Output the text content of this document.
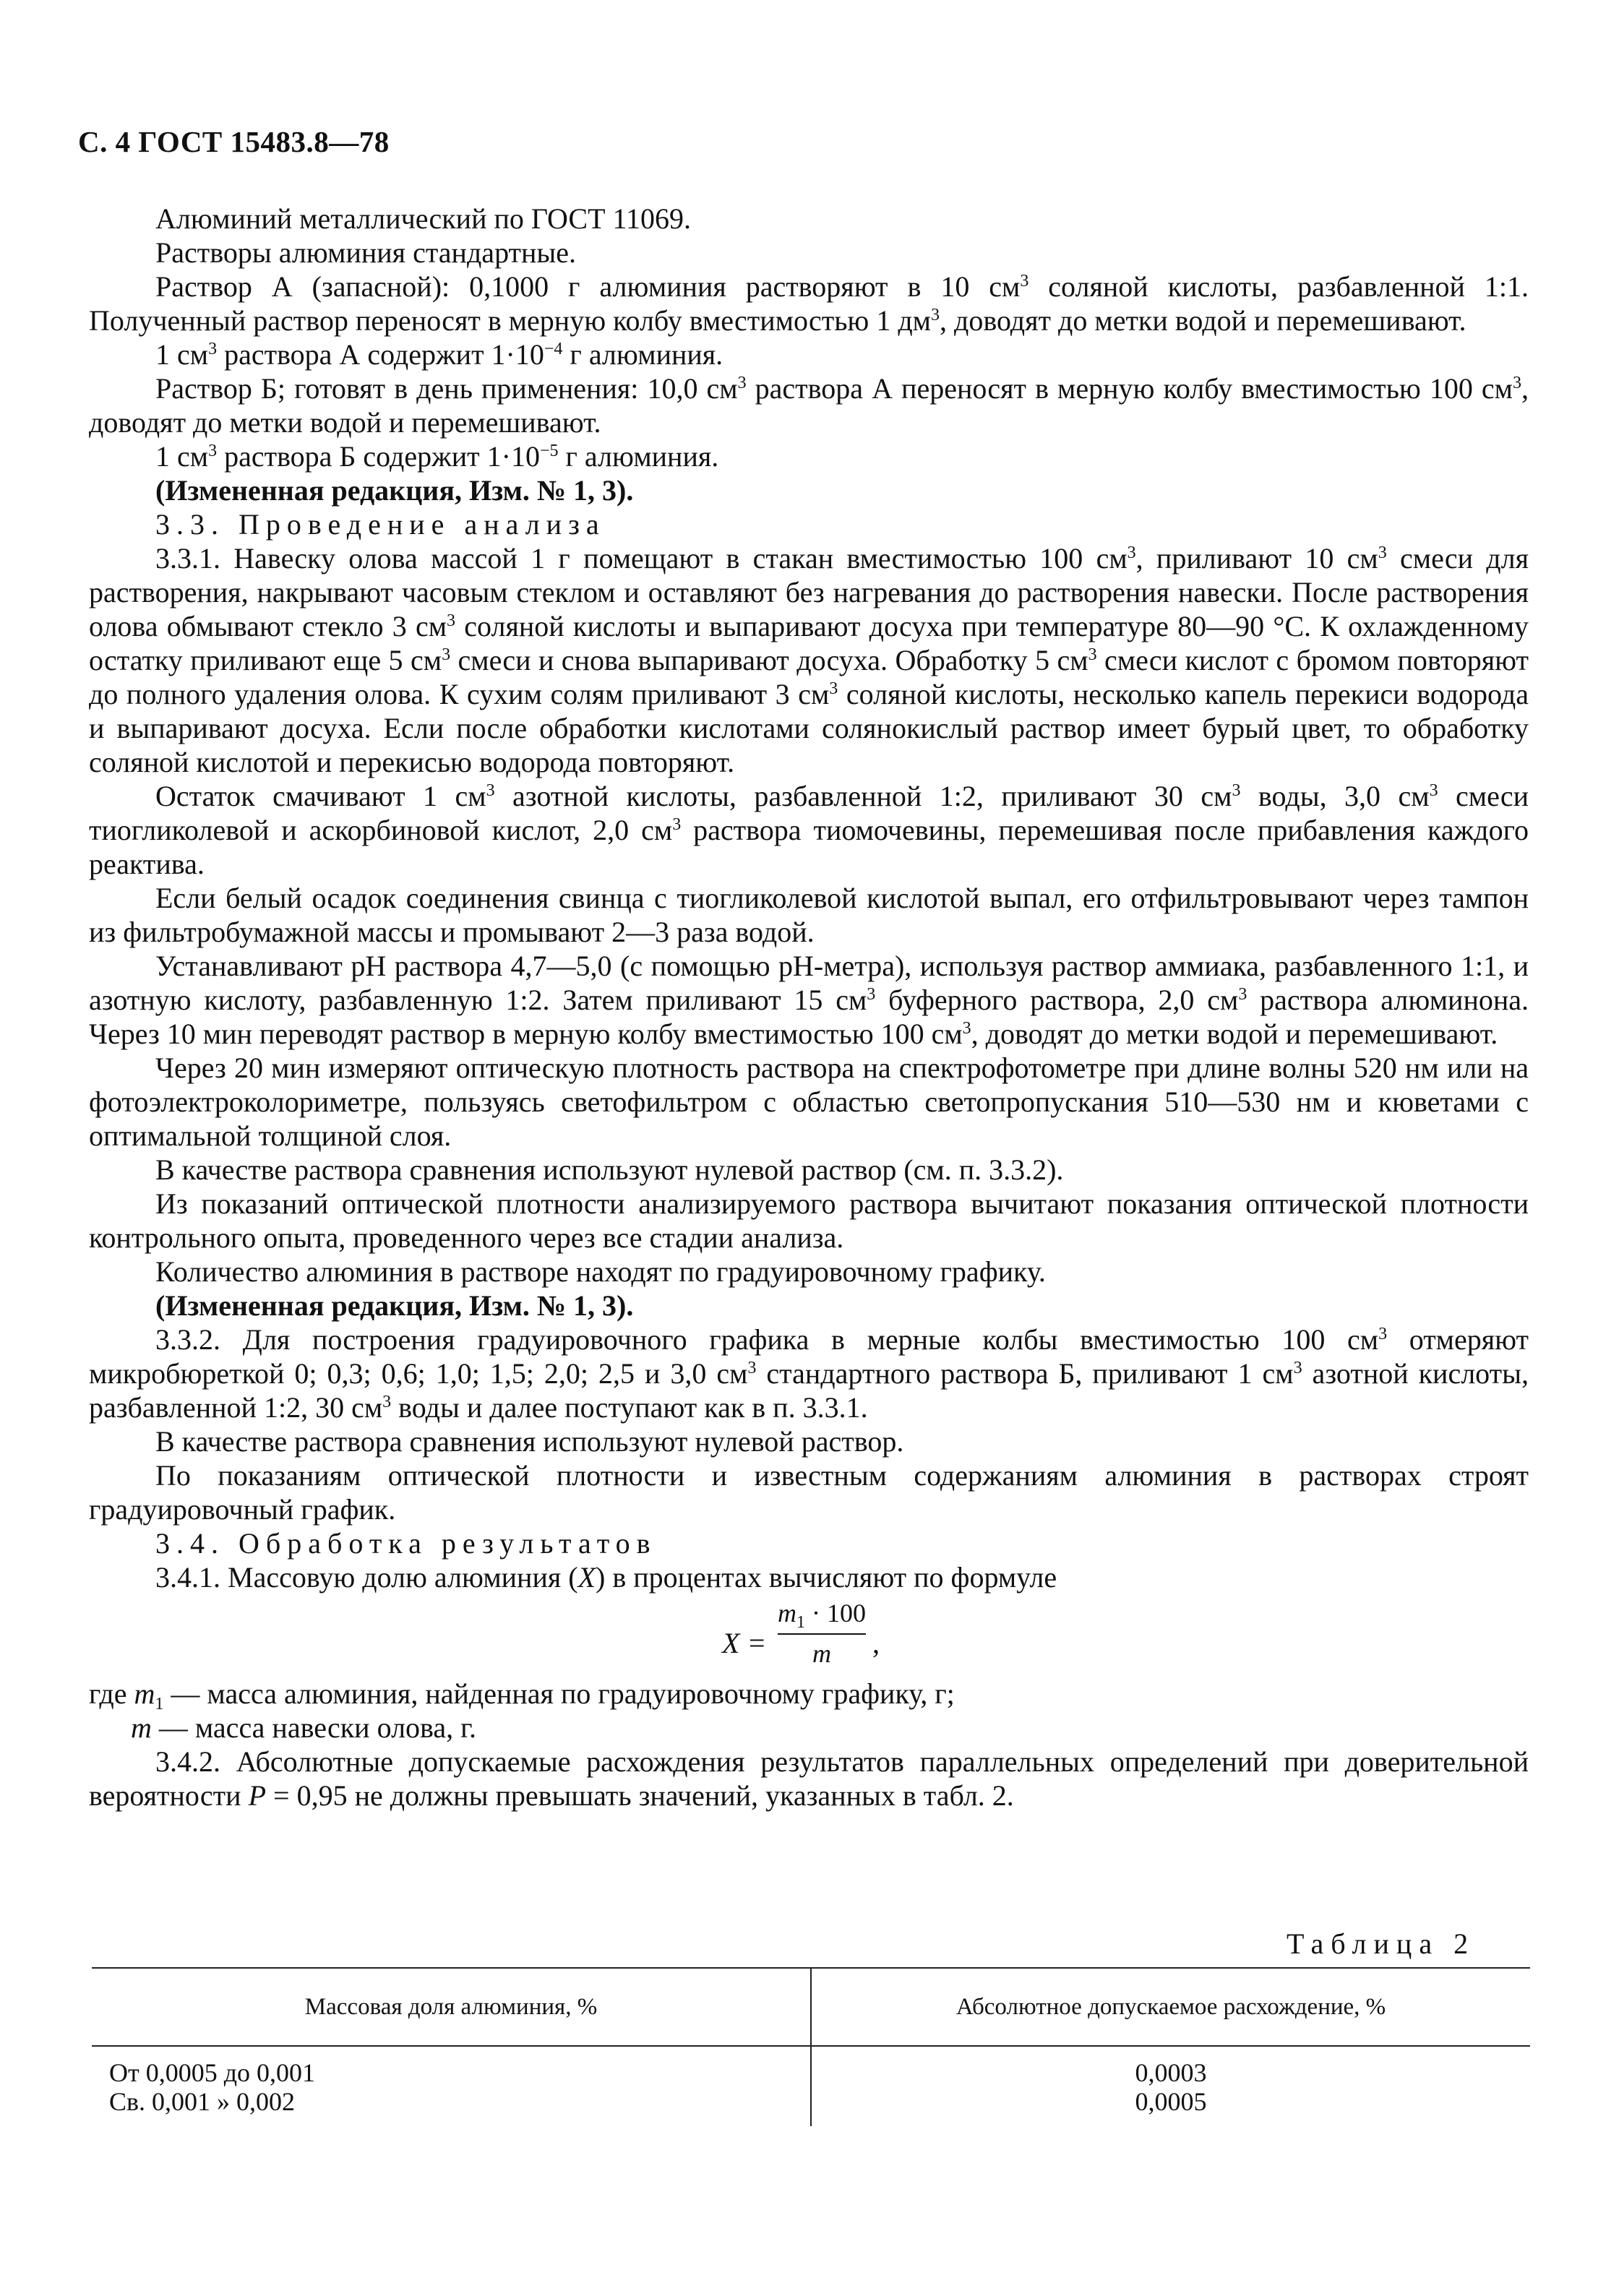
С. 4 ГОСТ 15483.8—78

Алюминий металлический по ГОСТ 11069.

Растворы алюминия стандартные.

Раствор А (запасной): 0,1000 г алюминия растворяют в 10 $см^3$ соляной кислоты, разбавленной 1:1. Полученный раствор переносят в мерную колбу вместимостью 1 $дм^3$, доводят до метки водой и перемешивают.

1 $см^3$ раствора А содержит $1\cdot 10^{-4}$ г алюминия.

Раствор Б; готовят в день применения: 10,0 $см^3$ раствора А переносят в мерную колбу вместимостью 100 $см^3$, доводят до метки водой и перемешивают.

1 $см^3$ раствора Б содержит $1\cdot 10^{-5}$ г алюминия.

(Измененная редакция, Изм. № 1, 3).

3.3. Проведение анализа

3.3.1. Навеску олова массой 1 г помещают в стакан вместимостью 100 $см^3$, приливают 10 $см^3$ смеси для растворения, накрывают часовым стеклом и оставляют без нагревания до растворения навески. После растворения олова обмывают стекло 3 $см^3$ соляной кислоты и выпаривают досуха при температуре 80—90 °С. К охлажденному остатку приливают еще 5 $см^3$ смеси и снова выпаривают досуха. Обработку 5 $см^3$ смеси кислот с бромом повторяют до полного удаления олова. К сухим солям приливают 3 $см^3$ соляной кислоты, несколько капель перекиси водорода и выпаривают досуха. Если после обработки кислотами солянокислый раствор имеет бурый цвет, то обработку соляной кислотой и перекисью водорода повторяют.

Остаток смачивают 1 $см^3$ азотной кислоты, разбавленной 1:2, приливают 30 $см^3$ воды, 3,0 $см^3$ смеси тиогликолевой и аскорбиновой кислот, 2,0 $см^3$ раствора тиомочевины, перемешивая после прибавления каждого реактива.

Если белый осадок соединения свинца с тиогликолевой кислотой выпал, его отфильтровывают через тампон из фильтробумажной массы и промывают 2—3 раза водой.

Устанавливают рН раствора 4,7—5,0 (с помощью рН-метра), используя раствор аммиака, разбавленного 1:1, и азотную кислоту, разбавленную 1:2. Затем приливают 15 $см^3$ буферного раствора, 2,0 $см^3$ раствора алюминона. Через 10 мин переводят раствор в мерную колбу вместимостью 100 $см^3$, доводят до метки водой и перемешивают.

Через 20 мин измеряют оптическую плотность раствора на спектрофотометре при длине волны 520 нм или на фотоэлектроколориметре, пользуясь светофильтром с областью светопропускания 510—530 нм и кюветами с оптимальной толщиной слоя.

В качестве раствора сравнения используют нулевой раствор (см. п. 3.3.2).

Из показаний оптической плотности анализируемого раствора вычитают показания оптической плотности контрольного опыта, проведенного через все стадии анализа.

Количество алюминия в растворе находят по градуировочному графику.

(Измененная редакция, Изм. № 1, 3).

3.3.2. Для построения градуировочного графика в мерные колбы вместимостью 100 $см^3$ отмеряют микробюреткой 0; 0,3; 0,6; 1,0; 1,5; 2,0; 2,5 и 3,0 $см^3$ стандартного раствора Б, приливают 1 $см^3$ азотной кислоты, разбавленной 1:2, 30 $см^3$ воды и далее поступают как в п. 3.3.1.

В качестве раствора сравнения используют нулевой раствор.

По показаниям оптической плотности и известным содержаниям алюминия в растворах строят градуировочный график.

3.4. Обработка результатов

3.4.1. Массовую долю алюминия (X) в процентах вычисляют по формуле

X =
$m_1 \cdot 100$
m	,

где $m_1$ — масса алюминия, найденная по градуировочному графику, г;

m — масса навески олова, г.

3.4.2. Абсолютные допускаемые расхождения результатов параллельных определений при доверительной вероятности P = 0,95 не должны превышать значений, указанных в табл. 2.

Таблица 2
Массовая доля алюминия, %	Абсолютное допускаемое расхождение, %
От 0,0005 до 0,001
Св. 0,001 » 0,002
0,0003
0,0005
